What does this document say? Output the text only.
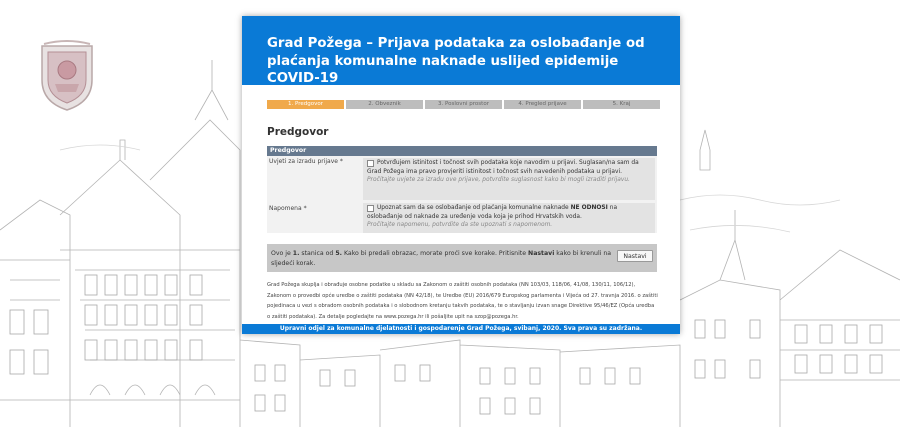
Grad Požega – Prijava podataka za oslobađanje od plaćanja komunalne naknade uslijed epidemije COVID-19
1. Predgovor	2. Obveznik	3. Poslovni prostor	4. Pregled prijave	5. Kraj
Predgovor
Predgovor
Uvjeti za izradu prijave *	Potvrđujem istinitost i točnost svih podataka koje navodim u prijavi. Suglasan/na sam da Grad Požega ima pravo provjeriti istinitost i točnost svih navedenih podataka u prijavi.
Pročitajte uvjete za izradu ove prijave, potvrdite suglasnost kako bi mogli izraditi prijavu.
Napomena *	Upoznat sam da se oslobađanje od plaćanja komunalne naknade NE ODNOSI na oslobađanje od naknade za uređenje voda koja je prihod Hrvatskih voda.
Pročitajte napomenu, potvrdite da ste upoznati s napomenom.
Ovo je 1. stanica od 5. Kako bi predali obrazac, morate proći sve korake. Pritisnite Nastavi kako bi krenuli na sljedeći korak.
Nastavi
Grad Požega skuplja i obrađuje osobne podatke u skladu sa Zakonom o zaštiti osobnih podataka (NN 103/03, 118/06, 41/08, 130/11, 106/12), Zakonom o provedbi opće uredbe o zaštiti podataka (NN 42/18), te Uredbe (EU) 2016/679 Europskog parlamenta i Vijeća od 27. travnja 2016. o zaštiti pojedinaca u vezi s obradom osobnih podataka i o slobodnom kretanju takvih podataka, te o stavljanju izvan snage Direktive 95/46/EZ (Opća uredba o zaštiti podataka). Za detalje pogledajte na www.pozega.hr ili pošaljite upit na szop@pozega.hr.
Upravni odjel za komunalne djelatnosti i gospodarenje Grad Požega, svibanj, 2020. Sva prava su zadržana.
